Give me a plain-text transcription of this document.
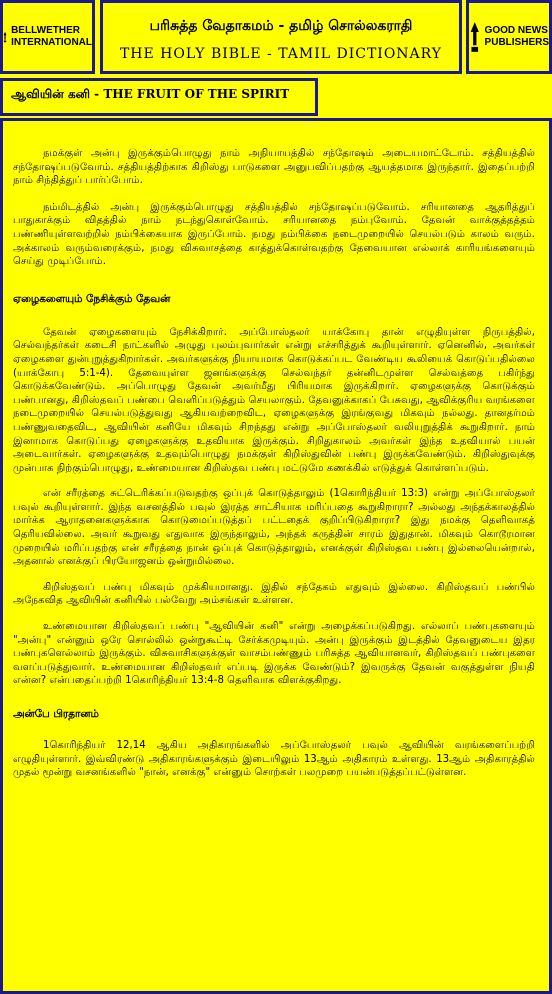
BELLWETHER
INTERNATIONAL
பரிசுத்த வேதாகமம் - தமிழ் சொல்லகராதி
THE HOLY BIBLE - TAMIL DICTIONARY
GOOD NEWS
PUBLISHERS
ஆவியின் கனி - THE FRUIT OF THE SPIRIT

நமக்குள் அன்பு இருக்கும்பொழுது நாம் அநியாயத்தில் சந்தோஷம் அடையமாட்டோம். சத்தியத்தில் சந்தோஷப்படுவோம். சத்தியத்திற்காக கிறிஸ்து பாடுகளை அனுபவிப்பதற்கு ஆயத்தமாக இருந்தார். இதைப்பற்றி நாம் சிந்தித்துப் பார்ப்போம்.

நம்மிடத்தில் அன்பு இருக்கும்பொழுது சத்தியத்தில் சந்தோஷப்படுவோம். சரியானதை ஆதரித்துப் பாதுகாக்கும் விதத்தில் நாம் நடந்துகொள்வோம். சரியானதை நம்புவோம். தேவன் வாக்குத்தத்தம் பண்ணியுள்ளவற்றில் நம்பிக்கையாக இருப்போம். நமது நம்பிக்கை நடைமுறையில் செயல்படும் காலம் வரும். அக்காலம் வரும்வரைக்கும், நமது விசுவாசத்தை காத்துக்கொள்வதற்கு தேவையான எல்லாக் காரியங்களையும் செய்து முடிப்போம்.

ஏழைகளையும் நேசிக்கும் தேவன்

தேவன் ஏழைகளையும் நேசிக்கிறார். அப்போஸ்தலர் யாக்கோபு தான் எழுதியுள்ள நிருபத்தில், செல்வந்தர்கள் கடைசி நாட்களில் அழுது புலம்புவார்கள் என்று எச்சரித்துக் கூறியுள்ளார். ஏனெனில், அவர்கள் ஏழைகளை துன்புறுத்துகிறார்கள். அவர்களுக்கு நியாயமாக கொடுக்கப்பட வேண்டிய கூலியைக் கொடுப்பதில்லை (யாக்கோபு 5:1-4). தேவையுள்ள ஜனங்களுக்கு செல்வந்தர் தன்னிடமுள்ள செல்வத்தை பகிர்ந்து கொடுக்கவேண்டும். அப்பொழுது தேவன் அவர்மீது பிரியமாக இருக்கிறார். ஏழைகளுக்கு கொடுக்கும் பண்பானது, கிறிஸ்தவப் பண்பை வெளிப்படுத்தும் செயலாகும். தேவனுக்காகப் பேசுவது, ஆவிக்குரிய வரங்களை நடைமுறையில் செயல்படுத்துவது ஆகியவற்றைவிட, ஏழைகளுக்கு இரங்குவது மிகவும் நல்லது. தானதர்மம் பண்ணுவதைவிட, ஆவியின் கனியே மிகவும் சிறந்தது என்று அப்போஸ்தலர் வலியுறுத்திக் கூறுகிறார். நாம் இனாமாக கொடுப்பது ஏழைகளுக்கு உதவியாக இருக்கும். சிறிதுகாலம் அவர்கள் இந்த உதவியால் பயன் அடைவார்கள். ஏழைகளுக்கு உதவும்பொழுது நமக்குள் கிறிஸ்துவின் பண்பு இருக்கவேண்டும். கிறிஸ்துவுக்கு முன்பாக நிற்கும்பொழுது, உண்மையான கிறிஸ்தவ பண்பு மட்டுமே கணக்கில் எடுத்துக் கொள்ளப்படும்.

என் சரீரத்தை சுட்டெரிக்கப்படுவதற்கு ஒப்புக் கொடுத்தாலும் (1கொரிந்தியர் 13:3) என்று அப்போஸ்தலர் பவுல் கூறியுள்ளார். இந்த வசனத்தில் பவுல் இரத்த சாட்சியாக மரிப்பதை கூறுகிறாரா? அல்லது அந்தக்காலத்தில் மார்க்க ஆராதனைகளுக்காக கொடுமைப்படுத்தப் பட்டதைக் குறிப்பிடுகிறாரா? இது நமக்கு தெளிவாகத் தெரியவில்லை. அவர் கூறுவது எதுவாக இருந்தாலும், அந்தக் கருத்தின் சாரம் இதுதான். மிகவும் கொடூரமான முறையில் மரிப்பதற்கு என் சரீரத்தை நான் ஒப்புக் கொடுத்தாலும், எனக்குள் கிறிஸ்தவ பண்பு இல்லையென்றால், அதனால் எனக்குப் பிரயோஜனம் ஒன்றுமில்லை.

கிறிஸ்தவப் பண்பு மிகவும் முக்கியமானது. இதில் சந்தேகம் எதுவும் இல்லை. கிறிஸ்தவப் பண்பில் அநேகவித ஆவியின் கனியில் பல்வேறு அம்சங்கள் உள்ளன.

உண்மையான கிறிஸ்தவப் பண்பு "ஆவியின் கனி" என்று அழைக்கப்படுகிறது. எல்லாப் பண்புகளையும் "அன்பு" என்னும் ஒரே சொல்லில் ஒன்றுகூட்டி சேர்க்கமுடியும். அன்பு இருக்கும் இடத்தில் தேவனுடைய இதர பண்புகளெல்லாம் இருக்கும். விசுவாசிகளுக்குள் வாசம்பண்ணும் பரிசுத்த ஆவியானவர், கிறிஸ்தவப் பண்புகளை வளப்படுத்துவார். உண்மையான கிறிஸ்தவர் எப்படி இருக்க வேண்டும்? இவருக்கு தேவன் வகுத்துள்ள நியதி என்ன? என்பதைப்பற்றி 1கொரிந்தியர் 13:4-8 தெளிவாக விளக்குகிறது.

அன்பே பிரதானம்

1கொரிந்தியர் 12,14 ஆகிய அதிகாரங்களில் அப்போஸ்தலர் பவுல் ஆவியின் வரங்களைப்பற்றி எழுதியுள்ளார். இவ்விரண்டு அதிகாரங்களுக்கும் இடையிலும் 13ஆம் அதிகாரம் உள்ளது. 13ஆம் அதிகாரத்தில் முதல் மூன்று வசனங்களில் "நான், எனக்கு" என்னும் சொற்கள் பலமுறை பயன்படுத்தப்பட்டுள்ளன.
